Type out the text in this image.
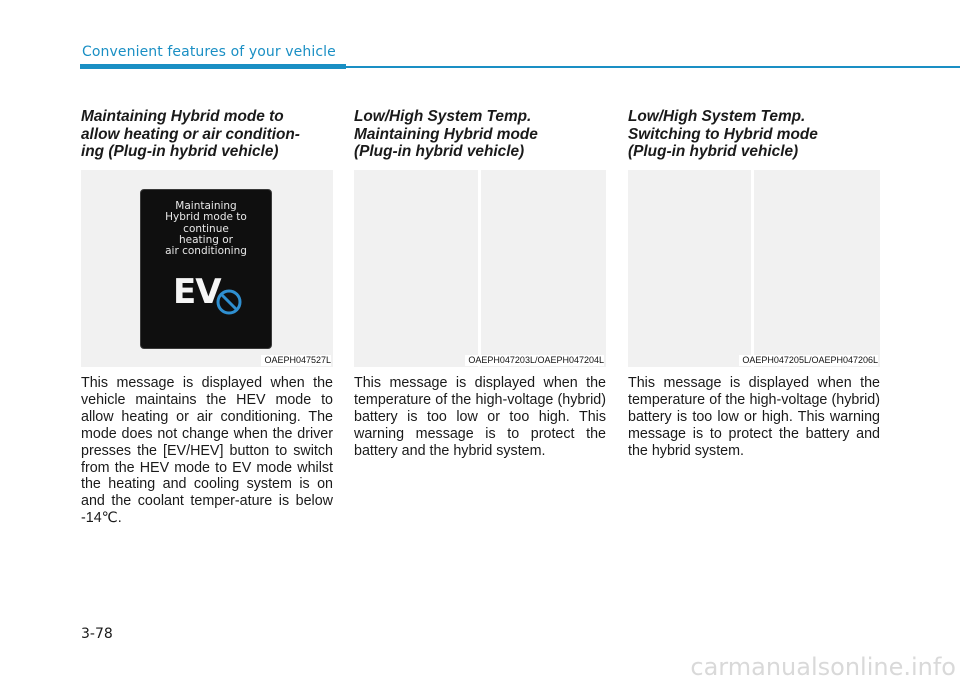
Convenient features of your vehicle
Maintaining Hybrid mode to
allow heating or air condition-
ing (Plug-in hybrid vehicle)
Maintaining
Hybrid mode to
continue
heating or
air conditioning
EV
OAEPH047527L

This message is displayed when the vehicle maintains the HEV mode to allow heating or air conditioning. The mode does not change when the driver presses the [EV/HEV] button to switch from the HEV mode to EV mode whilst the heating and cooling system is on and the coolant temper-ature is below -14℃.

Low/High System Temp.
Maintaining Hybrid mode
(Plug-in hybrid vehicle)
OAEPH047203L/OAEPH047204L

This message is displayed when the temperature of the high-voltage (hybrid) battery is too low or too high. This warning message is to protect the battery and the hybrid system.

Low/High System Temp.
Switching to Hybrid mode
(Plug-in hybrid vehicle)
OAEPH047205L/OAEPH047206L

This message is displayed when the temperature of the high-voltage (hybrid) battery is too low or high. This warning message is to protect the battery and the hybrid system.

3-78
carmanualsonline.info
